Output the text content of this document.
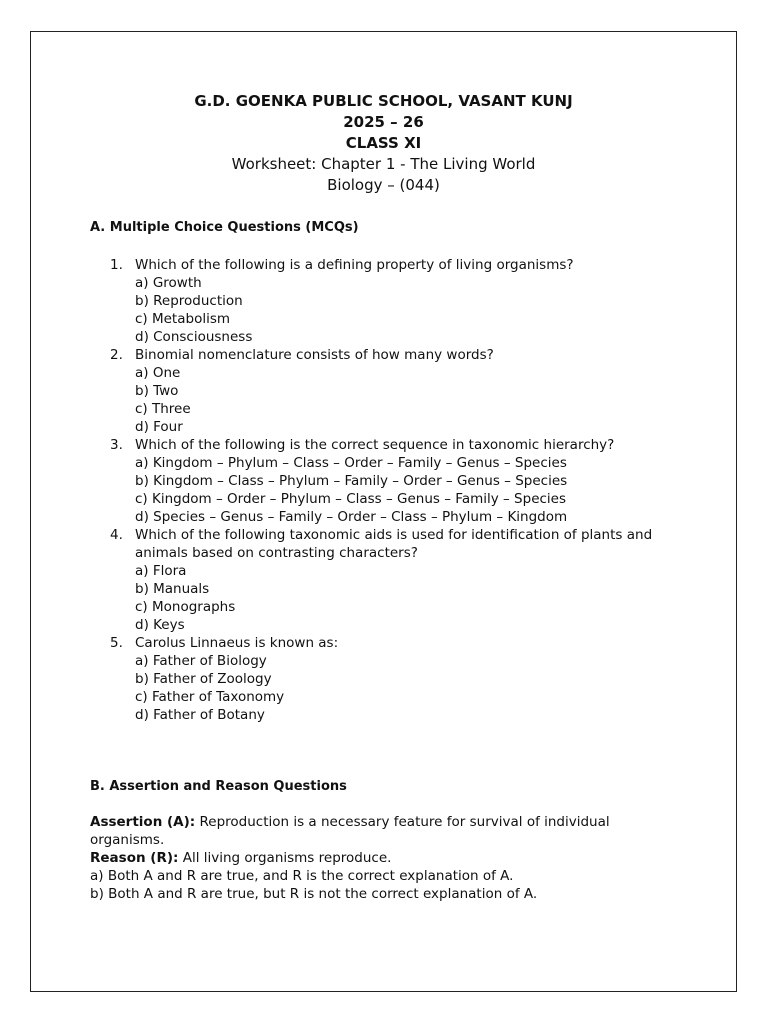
G.D. GOENKA PUBLIC SCHOOL, VASANT KUNJ
2025 – 26
CLASS XI
Worksheet: Chapter 1 - The Living World
Biology – (044)
A. Multiple Choice Questions (MCQs)
1. Which of the following is a defining property of living organisms?
a) Growth
b) Reproduction
c) Metabolism
d) Consciousness
2. Binomial nomenclature consists of how many words?
a) One
b) Two
c) Three
d) Four
3. Which of the following is the correct sequence in taxonomic hierarchy?
a) Kingdom – Phylum – Class – Order – Family – Genus – Species
b) Kingdom – Class – Phylum – Family – Order – Genus – Species
c) Kingdom – Order – Phylum – Class – Genus – Family – Species
d) Species – Genus – Family – Order – Class – Phylum – Kingdom
4. Which of the following taxonomic aids is used for identification of plants and animals based on contrasting characters?
a) Flora
b) Manuals
c) Monographs
d) Keys
5. Carolus Linnaeus is known as:
a) Father of Biology
b) Father of Zoology
c) Father of Taxonomy
d) Father of Botany
B. Assertion and Reason Questions
Assertion (A): Reproduction is a necessary feature for survival of individual organisms.
Reason (R): All living organisms reproduce.
a) Both A and R are true, and R is the correct explanation of A.
b) Both A and R are true, but R is not the correct explanation of A.
